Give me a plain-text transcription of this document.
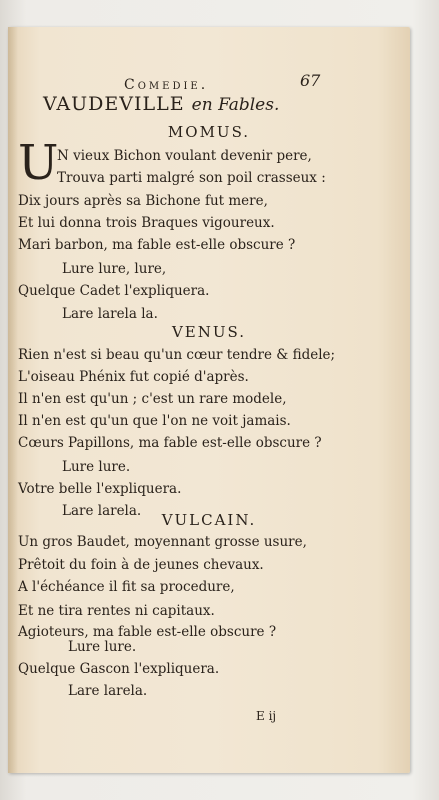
Comedie.	67
VAUDEVILLE en Fables.
MOMUS.
U
N vieux Bichon voulant devenir pere,
Trouva parti malgré son poil crasseux :
Dix jours après sa Bichone fut mere,
Et lui donna trois Braques vigoureux.
Mari barbon, ma fable est-elle obscure ?
Lure lure, lure,
Quelque Cadet l'expliquera.
Lare larela la.
VENUS.
Rien n'est si beau qu'un cœur tendre & fidele;
L'oiseau Phénix fut copié d'après.
Il n'en est qu'un ; c'est un rare modele,
Il n'en est qu'un que l'on ne voit jamais.
Cœurs Papillons, ma fable est-elle obscure ?
Lure lure.
Votre belle l'expliquera.
Lare larela.	VULCAIN.
Un gros Baudet, moyennant grosse usure,
Prêtoit du foin à de jeunes chevaux.
A l'échéance il fit sa procedure,
Et ne tira rentes ni capitaux.
Agioteurs, ma fable est-elle obscure ?
Lure lure.
Quelque Gascon l'expliquera.
Lare larela.
E ij
